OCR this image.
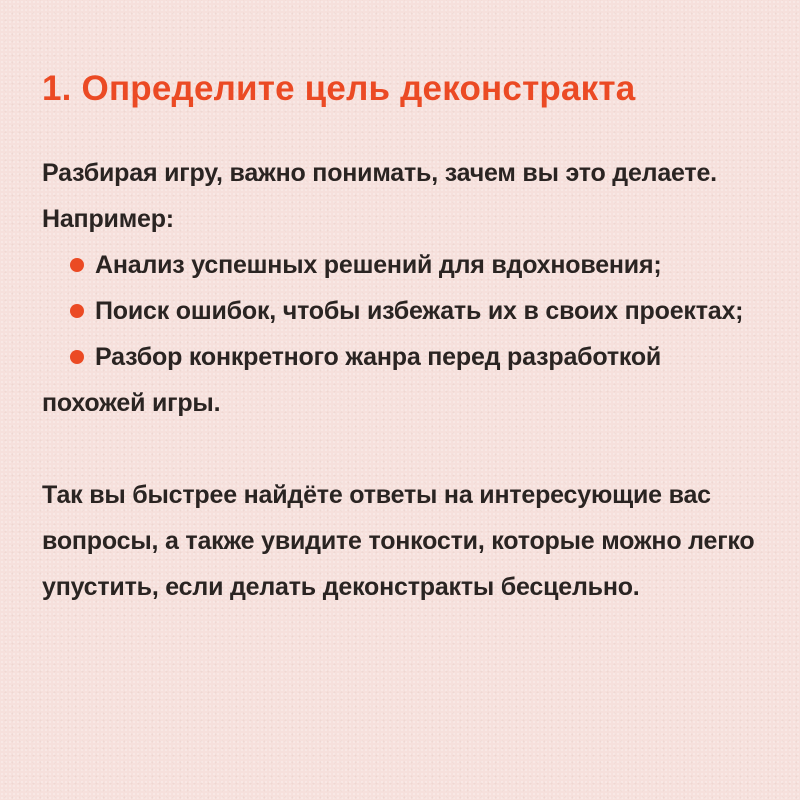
1. Определите цель деконстракта

Разбирая игру, важно понимать, зачем вы это делаете. Например:

Анализ успешных решений для вдохновения;
Поиск ошибок, чтобы избежать их в своих проектах;
Разбор конкретного жанра перед разработкой похожей игры.

Так вы быстрее найдёте ответы на интересующие вас вопросы, а также увидите тонкости, которые можно легко упустить, если делать деконстракты бесцельно.
